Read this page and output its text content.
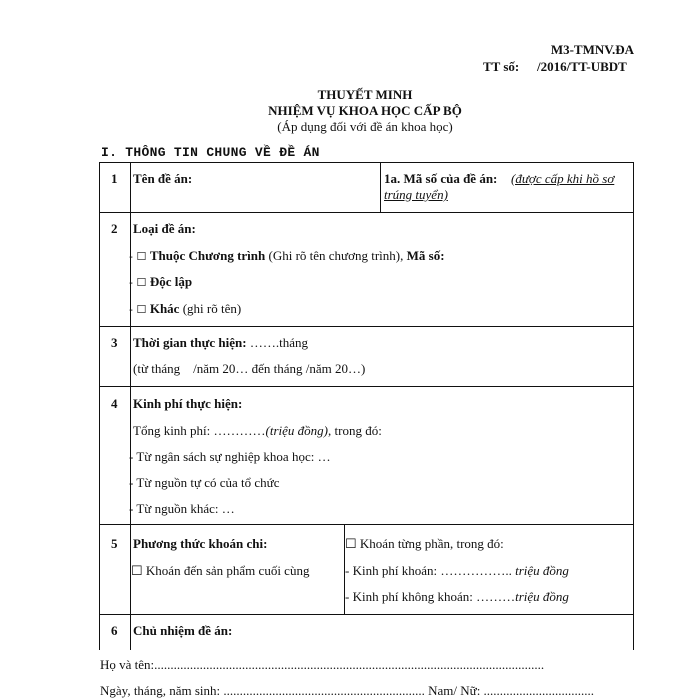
M3-TMNV.ĐA
TT số: /2016/TT-UBDT
THUYẾT MINH
NHIỆM VỤ KHOA HỌC CẤP BỘ
(Áp dụng đối với đề án khoa học)
I. THÔNG TIN CHUNG VỀ ĐỀ ÁN
1 Tên đề án:	1a. Mã số của đề án: (được cấp khi hồ sơ
trúng tuyển)
2 Loại đề án:
- ☐ Thuộc Chương trình (Ghi rõ tên chương trình), Mã số:
- ☐ Độc lập
- ☐ Khác (ghi rõ tên)
3 Thời gian thực hiện: …….tháng
(từ tháng    /năm 20… đến tháng /năm 20…)
4 Kinh phí thực hiện:
Tổng kinh phí: …………(triệu đồng), trong đó:
- Từ ngân sách sự nghiệp khoa học: …
- Từ nguồn tự có của tổ chức
- Từ nguồn khác: …
5 Phương thức khoán chi:
☐ Khoán đến sản phẩm cuối cùng
☐ Khoán từng phần, trong đó:
- Kinh phí khoán: …………….. triệu đồng
- Kinh phí không khoán: ………triệu đồng
6 Chủ nhiệm đề án:
Họ và tên:........................................................................................................................
Ngày, tháng, năm sinh: .............................................................. Nam/ Nữ: ..................................
